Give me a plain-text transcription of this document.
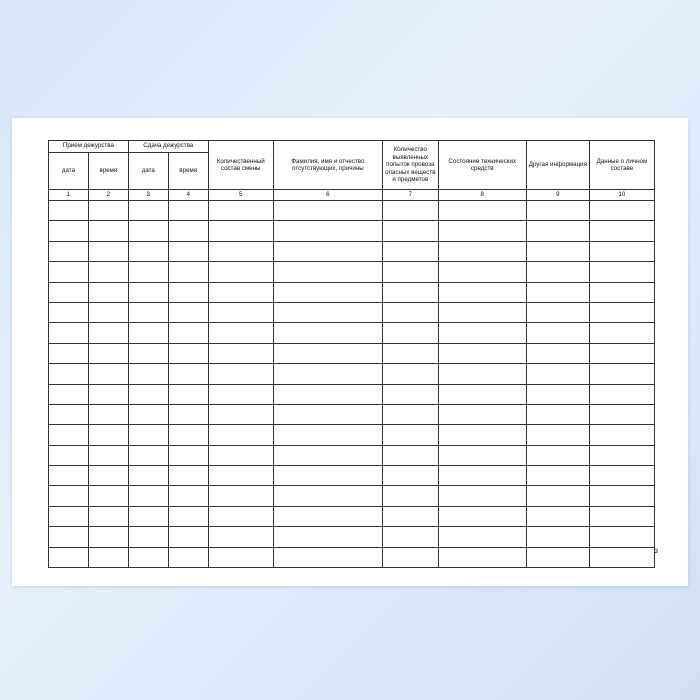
Прием дежурства		Сдача дежурства		Количественный состав смены	Фамилия, имя и отчество отсутствующих, причины	Количество выявленных попыток провоза опасных веществ и предметов	Состояние технических средств	Другая информация	Данные о личном составе
дата	время	дата	время						
1	2	3	4	5	6	7	8	9	10

3
